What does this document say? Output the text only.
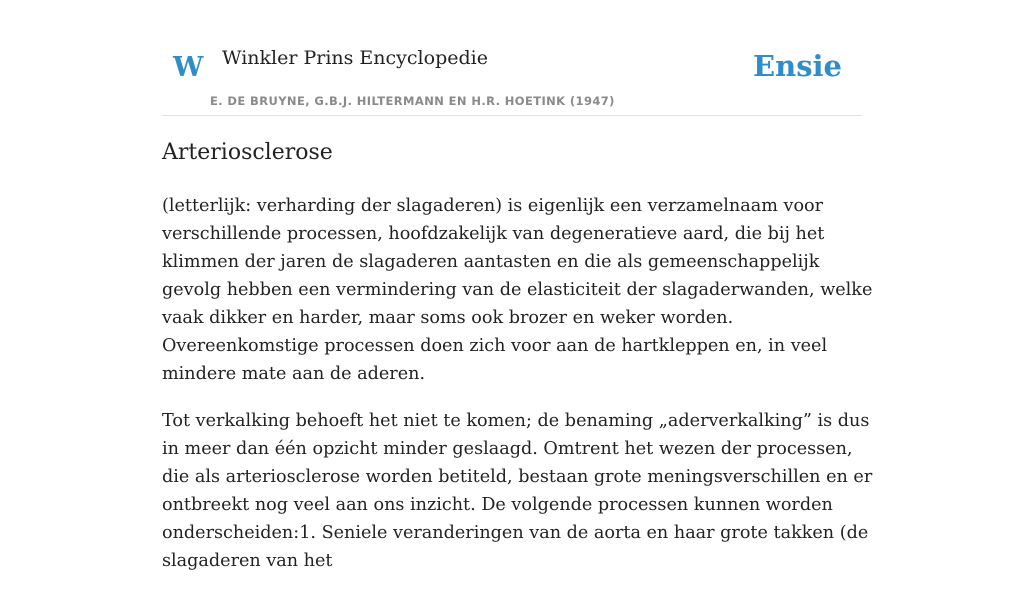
W Winkler Prins Encyclopedie
E. DE BRUYNE, G.B.J. HILTERMANN EN H.R. HOETINK (1947)
Ensie
Arteriosclerose

(letterlijk: verharding der slagaderen) is eigenlijk een verzamelnaam voor verschillende processen, hoofdzakelijk van degeneratieve aard, die bij het klimmen der jaren de slagaderen aantasten en die als gemeenschappelijk gevolg hebben een vermindering van de elasticiteit der slagaderwanden, welke vaak dikker en harder, maar soms ook brozer en weker worden. Overeenkomstige processen doen zich voor aan de hartkleppen en, in veel mindere mate aan de aderen.

Tot verkalking behoeft het niet te komen; de benaming „aderverkalking” is dus in meer dan één opzicht minder geslaagd. Omtrent het wezen der processen, die als arteriosclerose worden betiteld, bestaan grote meningsverschillen en er ontbreekt nog veel aan ons inzicht. De volgende processen kunnen worden onderscheiden:1. Seniele veranderingen van de aorta en haar grote takken (de slagaderen van het
